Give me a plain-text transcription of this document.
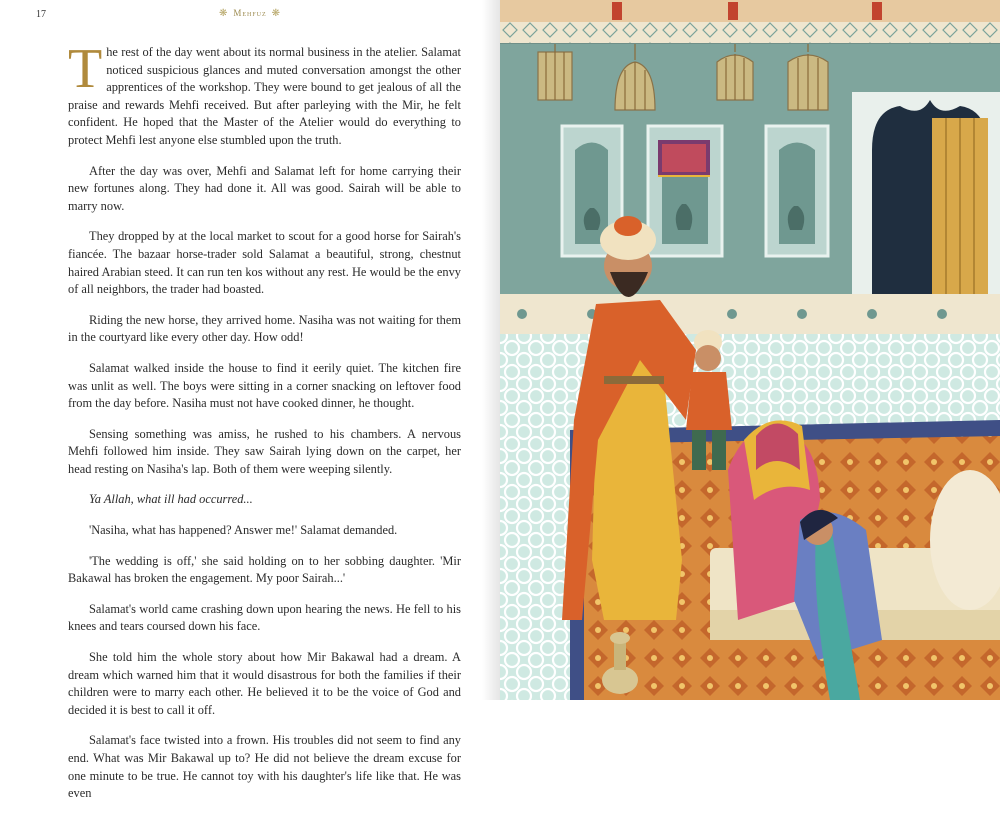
17	❋ Mehfuz ❋

The rest of the day went about its normal business in the atelier. Salamat noticed suspicious glances and muted conversation amongst the other apprentices of the workshop. They were bound to get jealous of all the praise and rewards Mehfi received. But after parleying with the Mir, he felt confident. He hoped that the Master of the Atelier would do everything to protect Mehfi lest anyone else stumbled upon the truth.

After the day was over, Mehfi and Salamat left for home carrying their new fortunes along. They had done it. All was good. Sairah will be able to marry now.

They dropped by at the local market to scout for a good horse for Sairah's fiancée. The bazaar horse-trader sold Salamat a beautiful, strong, chestnut haired Arabian steed. It can run ten kos without any rest. He would be the envy of all neighbors, the trader had boasted.

Riding the new horse, they arrived home. Nasiha was not waiting for them in the courtyard like every other day. How odd!

Salamat walked inside the house to find it eerily quiet. The kitchen fire was unlit as well. The boys were sitting in a corner snacking on leftover food from the day before. Nasiha must not have cooked dinner, he thought.

Sensing something was amiss, he rushed to his chambers. A nervous Mehfi followed him inside. They saw Sairah lying down on the carpet, her head resting on Nasiha's lap. Both of them were weeping silently.

Ya Allah, what ill had occurred...

'Nasiha, what has happened? Answer me!' Salamat demanded.

'The wedding is off,' she said holding on to her sobbing daughter. 'Mir Bakawal has broken the engagement. My poor Sairah...'

Salamat's world came crashing down upon hearing the news. He fell to his knees and tears coursed down his face.

She told him the whole story about how Mir Bakawal had a dream. A dream which warned him that it would disastrous for both the families if their children were to marry each other. He believed it to be the voice of God and decided it is best to call it off.

Salamat's face twisted into a frown. His troubles did not seem to find any end. What was Mir Bakawal up to? He did not believe the dream excuse for one minute to be true. He cannot toy with his daughter's life like that. He was even
